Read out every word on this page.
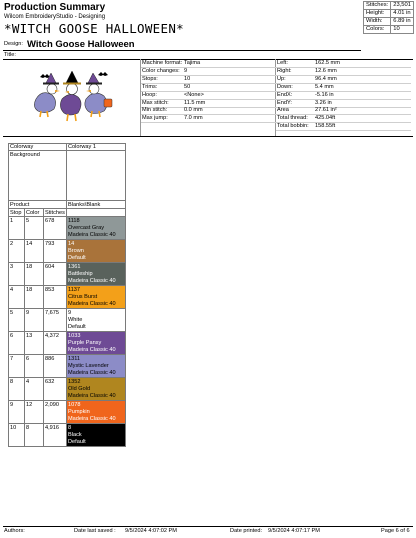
Production Summary
Wilcom EmbroideryStudio - Designing
*WITCH GOOSE HALLOWEEN*
Design: Witch Goose Halloween
Title:
Stitches:	23,501
Height:	4.01 in
Width:	6.89 in
Colors:	10
Machine format: Tajima
Color changes: 9
Stops:	10
Trims:	50
Hoop:	<None>
Max stitch:	11.5 mm
Min stitch:	0.0 mm
Max jump:	7.0 mm
Left:	162.5 mm
Right:	12.6 mm
Up:	96.4 mm
Down:	5.4 mm
EndX:	-5.16 in
EndY:	3.26 in
Area	27.61 in²
Total thread: 425.04ft
Total bobbin: 158.55ft
Colorway	Colorway 1
Background
Product	Blanks\Blank
Stop Color Stitches
1 5	678 1118
Overcast Gray
Madeira Classic 40
2 14 793 14
Brown
Default
3 18 604 1361
Battleship
Madeira Classic 40
4 18 853 1137
Citrus Burst
Madeira Classic 40
5 9	7,675 9
White
Default
6 13 4,372 1033
Purple Pansy
Madeira Classic 40
7 6	886 1311
Mystic Lavender
Madeira Classic 40
8 4	632 1352
Old Gold
Madeira Classic 40
9 12 2,090 1078
Pumpkin
Madeira Classic 40
10 8	4,916 8
Black
Default
Authors:	Date last saved : 9/5/2024 4:07:02 PM	Date printed: 9/5/2024 4:07:17 PM	Page 6 of 6
